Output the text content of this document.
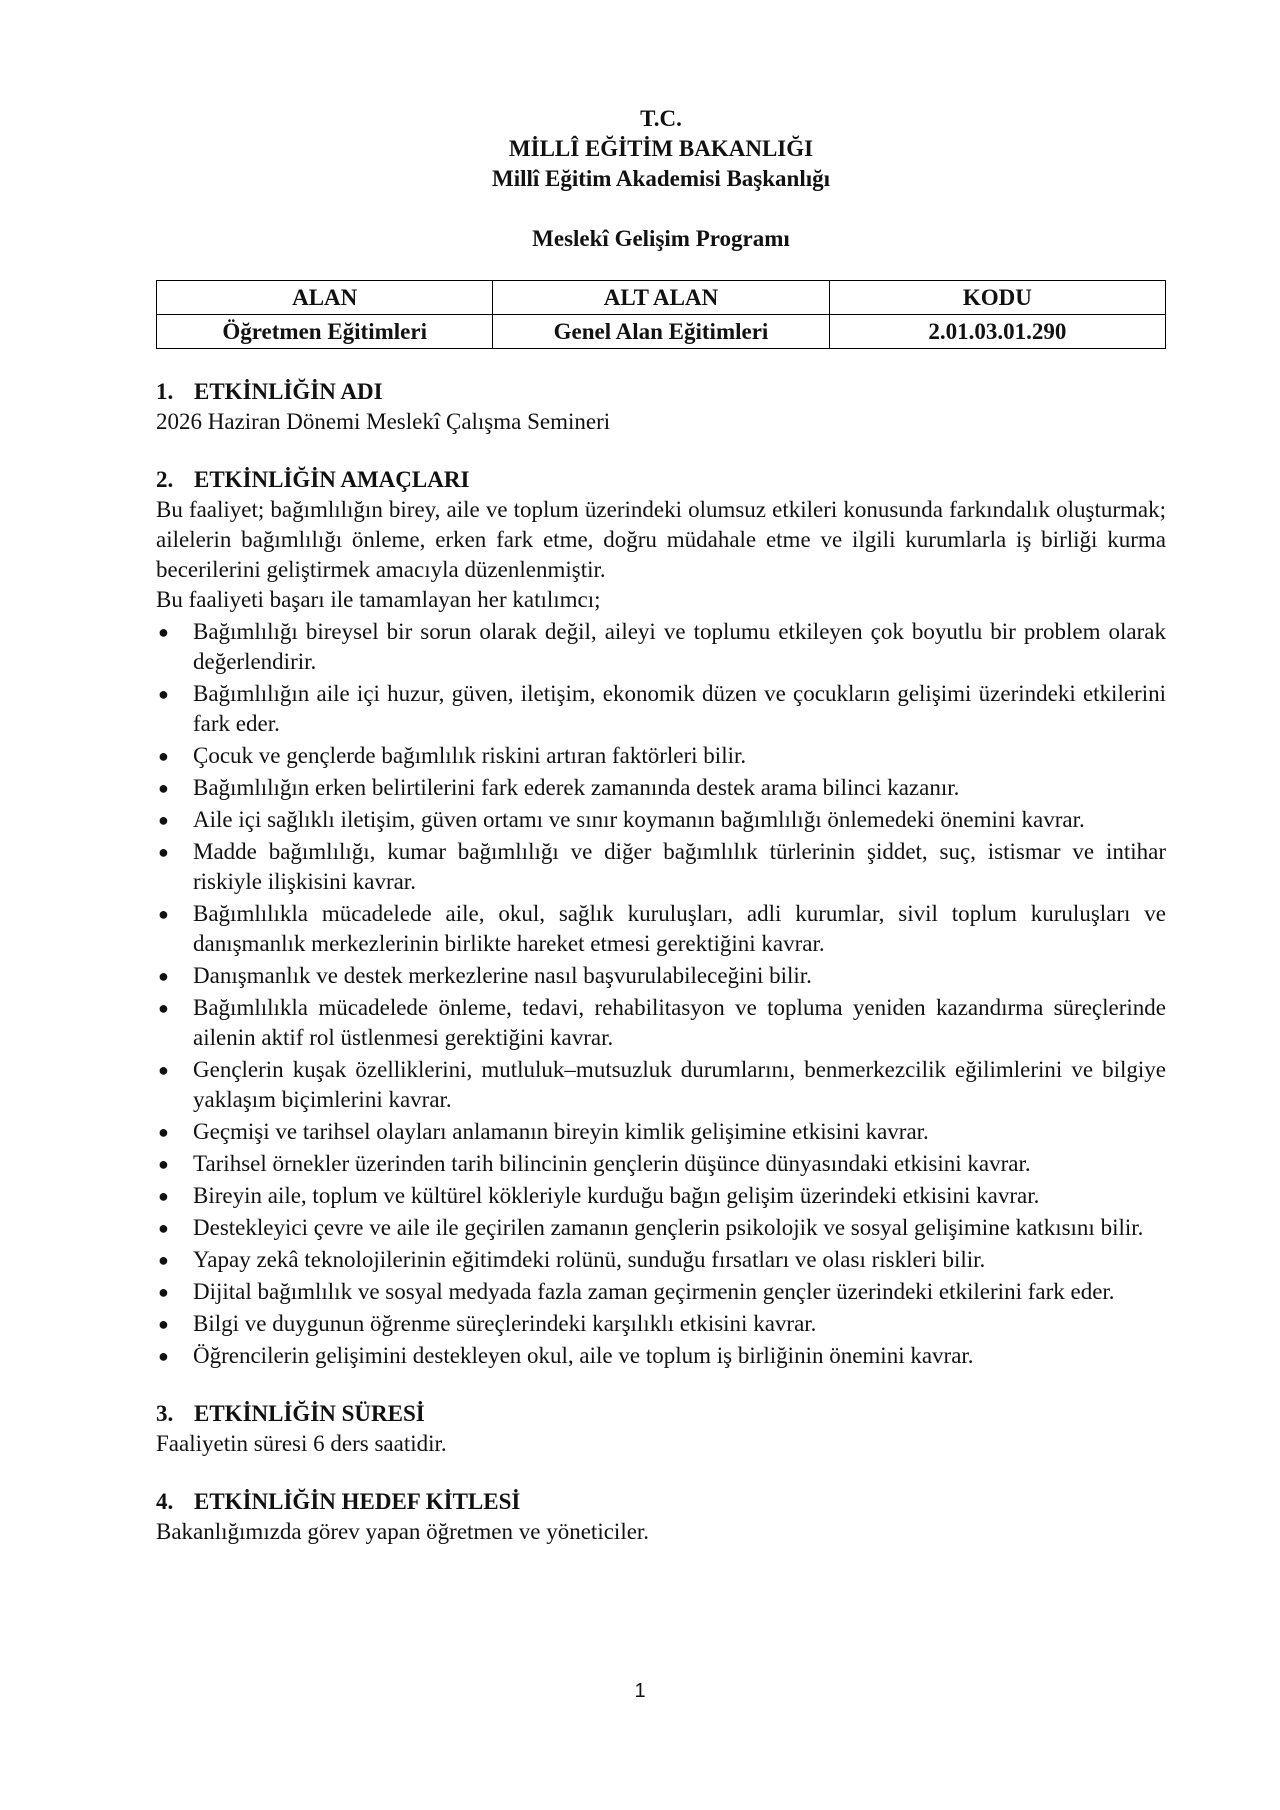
T.C.
MİLLÎ EĞİTİM BAKANLIĞI
Millî Eğitim Akademisi Başkanlığı
Meslekî Gelişim Programı
ALAN	ALT ALAN	KODU
Öğretmen Eğitimleri	Genel Alan Eğitimleri	2.01.03.01.290
1. ETKİNLİĞİN ADI
2026 Haziran Dönemi Meslekî Çalışma Semineri
2. ETKİNLİĞİN AMAÇLARI
Bu faaliyet; bağımlılığın birey, aile ve toplum üzerindeki olumsuz etkileri konusunda farkındalık oluşturmak; ailelerin bağımlılığı önleme, erken fark etme, doğru müdahale etme ve ilgili kurumlarla iş birliği kurma becerilerini geliştirmek amacıyla düzenlenmiştir.
Bu faaliyeti başarı ile tamamlayan her katılımcı;
● Bağımlılığı bireysel bir sorun olarak değil, aileyi ve toplumu etkileyen çok boyutlu bir problem olarak değerlendirir.
● Bağımlılığın aile içi huzur, güven, iletişim, ekonomik düzen ve çocukların gelişimi üzerindeki etkilerini fark eder.
● Çocuk ve gençlerde bağımlılık riskini artıran faktörleri bilir.
● Bağımlılığın erken belirtilerini fark ederek zamanında destek arama bilinci kazanır.
● Aile içi sağlıklı iletişim, güven ortamı ve sınır koymanın bağımlılığı önlemedeki önemini kavrar.
● Madde bağımlılığı, kumar bağımlılığı ve diğer bağımlılık türlerinin şiddet, suç, istismar ve intihar riskiyle ilişkisini kavrar.
● Bağımlılıkla mücadelede aile, okul, sağlık kuruluşları, adli kurumlar, sivil toplum kuruluşları ve danışmanlık merkezlerinin birlikte hareket etmesi gerektiğini kavrar.
● Danışmanlık ve destek merkezlerine nasıl başvurulabileceğini bilir.
● Bağımlılıkla mücadelede önleme, tedavi, rehabilitasyon ve topluma yeniden kazandırma süreçlerinde ailenin aktif rol üstlenmesi gerektiğini kavrar.
● Gençlerin kuşak özelliklerini, mutluluk–mutsuzluk durumlarını, benmerkezcilik eğilimlerini ve bilgiye yaklaşım biçimlerini kavrar.
● Geçmişi ve tarihsel olayları anlamanın bireyin kimlik gelişimine etkisini kavrar.
● Tarihsel örnekler üzerinden tarih bilincinin gençlerin düşünce dünyasındaki etkisini kavrar.
● Bireyin aile, toplum ve kültürel kökleriyle kurduğu bağın gelişim üzerindeki etkisini kavrar.
● Destekleyici çevre ve aile ile geçirilen zamanın gençlerin psikolojik ve sosyal gelişimine katkısını bilir.
● Yapay zekâ teknolojilerinin eğitimdeki rolünü, sunduğu fırsatları ve olası riskleri bilir.
● Dijital bağımlılık ve sosyal medyada fazla zaman geçirmenin gençler üzerindeki etkilerini fark eder.
● Bilgi ve duygunun öğrenme süreçlerindeki karşılıklı etkisini kavrar.
● Öğrencilerin gelişimini destekleyen okul, aile ve toplum iş birliğinin önemini kavrar.
3. ETKİNLİĞİN SÜRESİ
Faaliyetin süresi 6 ders saatidir.
4. ETKİNLİĞİN HEDEF KİTLESİ
Bakanlığımızda görev yapan öğretmen ve yöneticiler.
1
